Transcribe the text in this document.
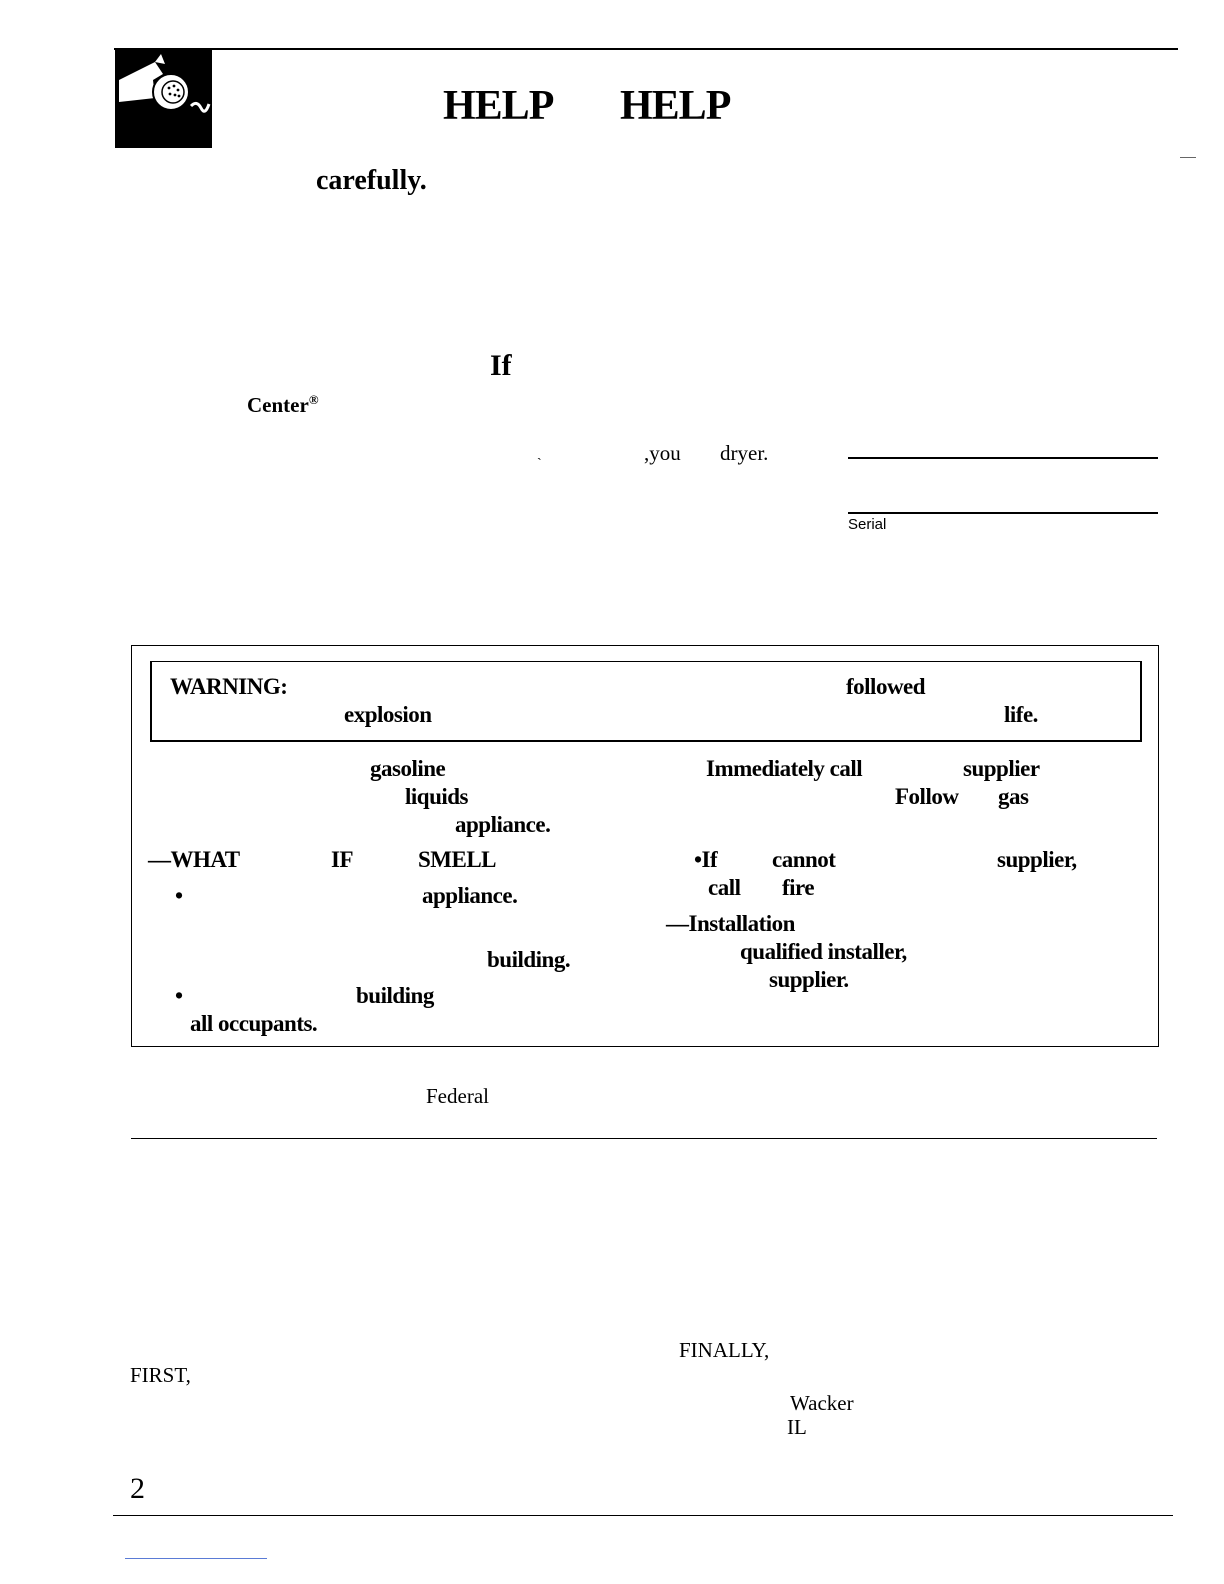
HELP HELP
carefully.
If
Center®
ˏ	,you dryer.
Serial
WARNING:	followed
explosion	life.
gasoline
liquids
appliance.
—WHAT	IF	SMELL
•	appliance.
building.
•	building
all occupants.
Immediately call	supplier
Follow gas
•If cannot	supplier,
call fire
—Installation
qualified installer,
supplier.
Federal
FINALLY,
FIRST,
Wacker
IL
2
